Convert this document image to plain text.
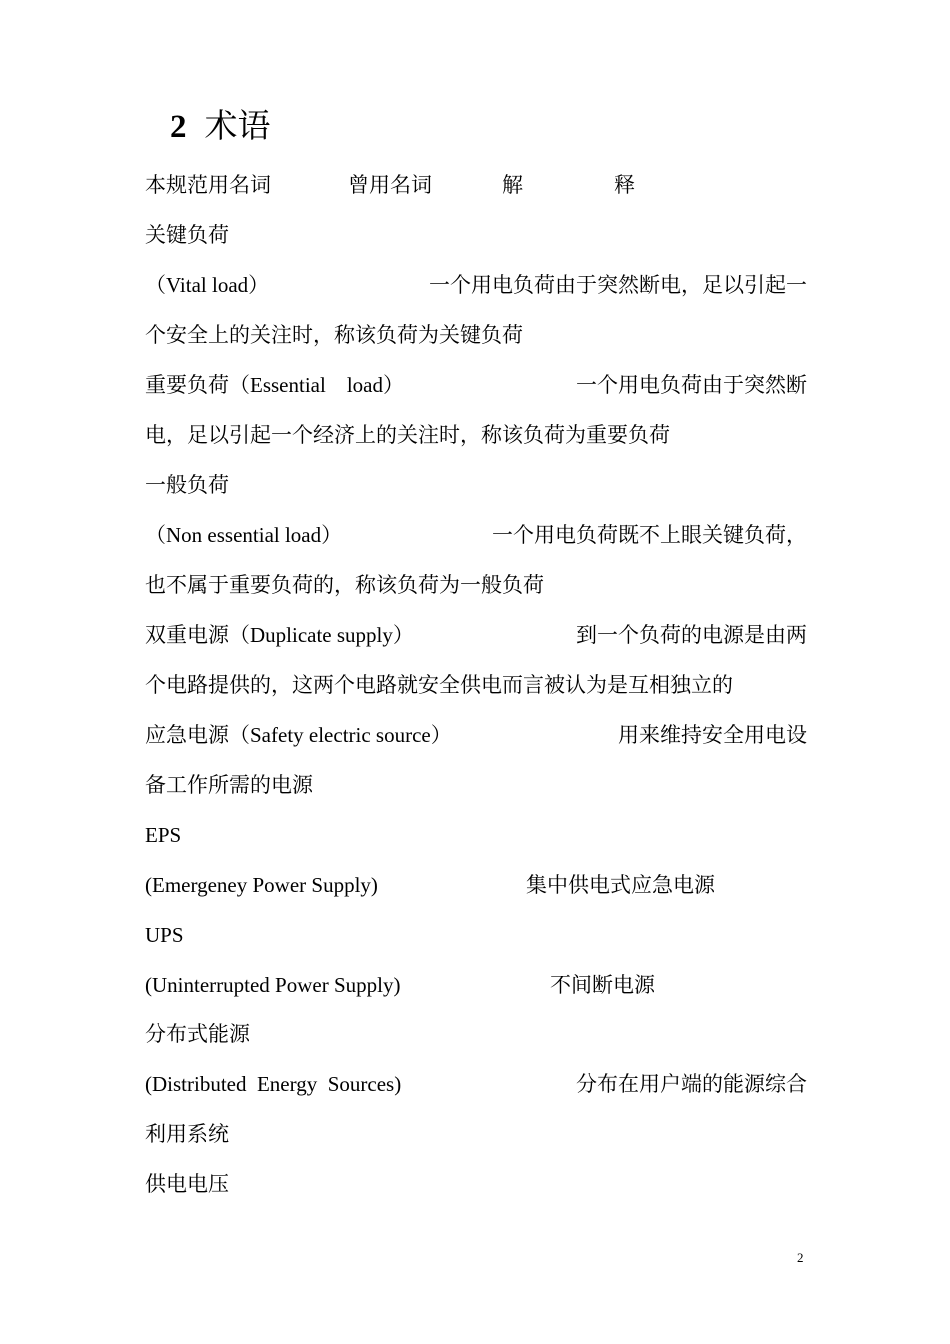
2 术语
本规范用名词	曾用名词	解	释
关键负荷
（Vital load）	一个用电负荷由于突然断电，足以引起一
个安全上的关注时，称该负荷为关键负荷
重要负荷（Essential　load）	一个用电负荷由于突然断
电，足以引起一个经济上的关注时，称该负荷为重要负荷
一般负荷
（Non essential load）	一个用电负荷既不上眼关键负荷，
也不属于重要负荷的，称该负荷为一般负荷
双重电源（Duplicate supply）	到一个负荷的电源是由两
个电路提供的，这两个电路就安全供电而言被认为是互相独立的
应急电源（Safety electric source）	用来维持安全用电设
备工作所需的电源
EPS
(Emergeney Power Supply)	集中供电式应急电源
UPS
(Uninterrupted Power Supply)	不间断电源
分布式能源
(Distributed  Energy  Sources)	分布在用户端的能源综合
利用系统
供电电压
2
